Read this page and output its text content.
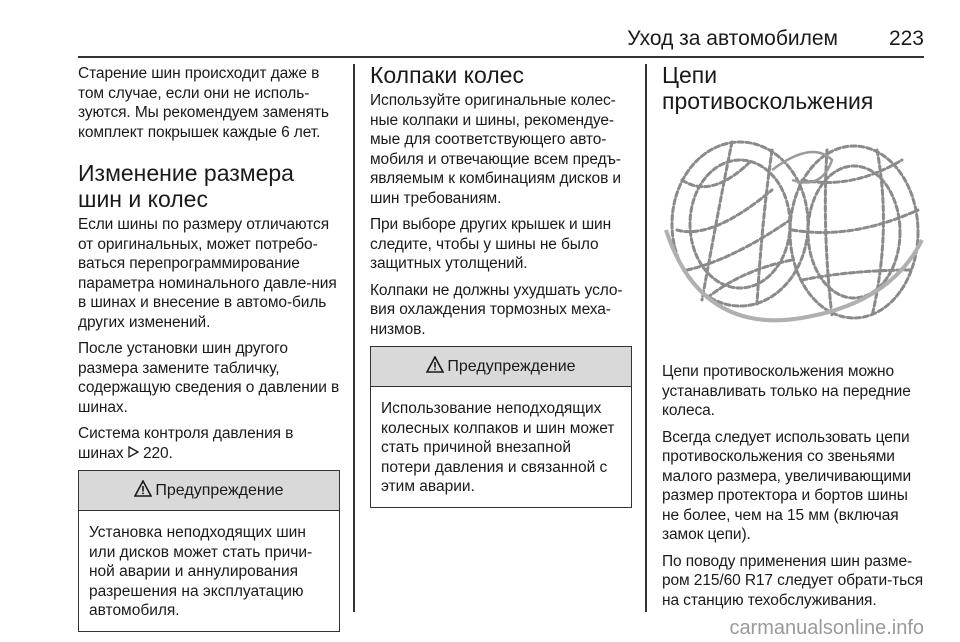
Уход за автомобилем 223

Старение шин происходит даже в том случае, если они не исполь-зуются. Мы рекомендуем заменять комплект покрышек каждые 6 лет.

Изменение размера шин и колес

Если шины по размеру отличаются от оригинальных, может потребо-ваться перепрограммирование параметра номинального давле-ния в шинах и внесение в автомо-биль других изменений.

После установки шин другого размера замените табличку, содержащую сведения о давлении в шинах.

Система контроля давления в шинах  220.

Предупреждение
Установка неподходящих шин или дисков может стать причи-ной аварии и аннулирования разрешения на эксплуатацию автомобиля.
Колпаки колес

Используйте оригинальные колес-ные колпаки и шины, рекомендуе-мые для соответствующего авто-мобиля и отвечающие всем предъ-являемым к комбинациям дисков и шин требованиям.

При выборе других крышек и шин следите, чтобы у шины не было защитных утолщений.

Колпаки не должны ухудшать усло-вия охлаждения тормозных меха-низмов.

Предупреждение
Использование неподходящих колесных колпаков и шин может стать причиной внезапной потери давления и связанной с этим аварии.
Цепи противоскольжения

Цепи противоскольжения можно устанавливать только на передние колеса.

Всегда следует использовать цепи противоскольжения со звеньями малого размера, увеличивающими размер протектора и бортов шины не более, чем на 15 мм (включая замок цепи).

По поводу применения шин разме-ром 215/60 R17 следует обрати-ться на станцию техобслуживания.

carmanualsonline.info
